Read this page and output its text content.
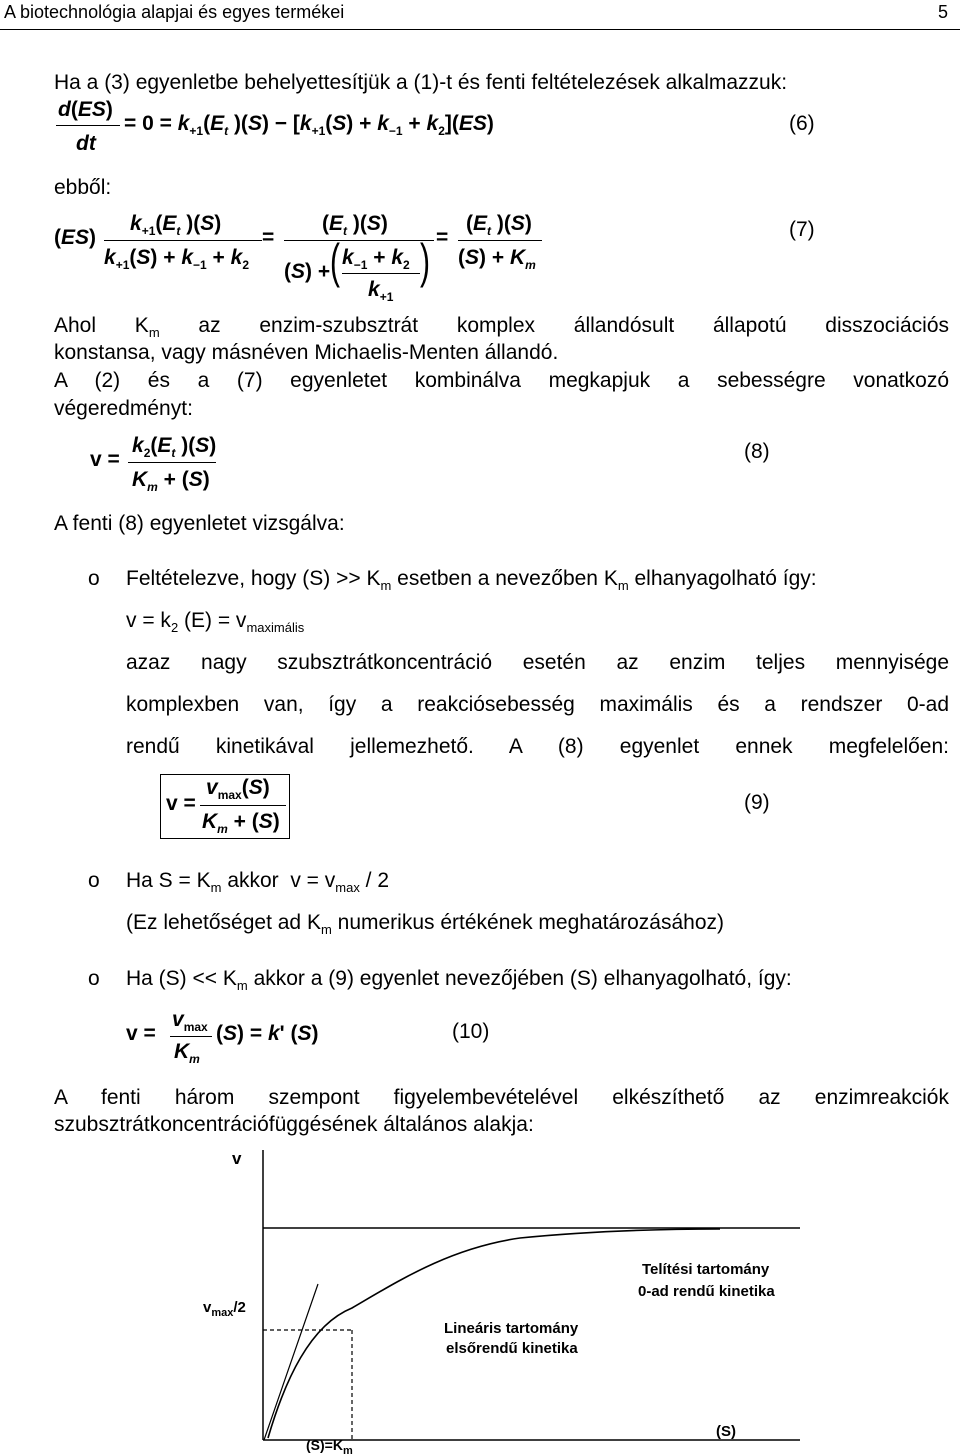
A biotechnológia alapjai és egyes termékei	5
Ha a (3) egyenletbe behelyettesítjük a (1)-t és fenti feltételezések alkalmazzuk:
d(ES)
dt
= $0 = k_{+1}(E_t$ )$(S) - [k_{+1}(S) + k_{-1} + k_2](ES)$	(6)
ebből:
(ES)
$k_{+1}(E_t$ )(S)
$k_{+1}(S) + k_{-1} + k_2$
=
($E_t$ )(S)
(S) + ( $k_{-1} + k_2$
$k_{+1}$
) =
($E_t$ )(S)
$(S) + K_m$
(7)
Ahol $K_m$ az enzim-szubsztrát komplex állandósult állapotú disszociációs
konstansa, vagy másnéven Michaelis-Menten állandó.
A (2) és a (7) egyenletet kombinálva megkapjuk a sebességre vonatkozó
végeredményt:
v =
$k_2(E_t$ )(S)
$K_m + (S)$
(8)
A fenti (8) egyenletet vizsgálva:
o Feltételezve, hogy $(S) >> K_m$ esetben a nevezőben $K_m$ elhanyagolható így:
$v = k_2$ $(E) = v_{maximális}$
azaz nagy szubsztrátkoncentráció esetén az enzim teljes mennyisége
komplexben van, így a reakciósebesség maximális és a rendszer 0-ad
rendű kinetikával jellemezhető. A (8) egyenlet ennek megfelelően:
v =
$v_{max}(S)$
$K_m + (S)$
(9)
o Ha $S = K_m$ akkor  $v = v_{max} / 2$
(Ez lehetőséget ad $K_m$ numerikus értékének meghatározásához)
o Ha $(S) << K_m$ akkor a (9) egyenlet nevezőjében (S) elhanyagolható, így:
v =
$v_{max}$
$K_m$
(S) = k' (S)	(10)
A fenti három szempont figyelembevételével elkészíthető az enzimreakciók
szubsztrátkoncentrációfüggésének általános alakja:
v
(S)
$v_{max}/2$
$(S)=K_m$
Telítési tartomány
0-ad rendű kinetika
Lineáris tartomány
elsőrendű kinetika
